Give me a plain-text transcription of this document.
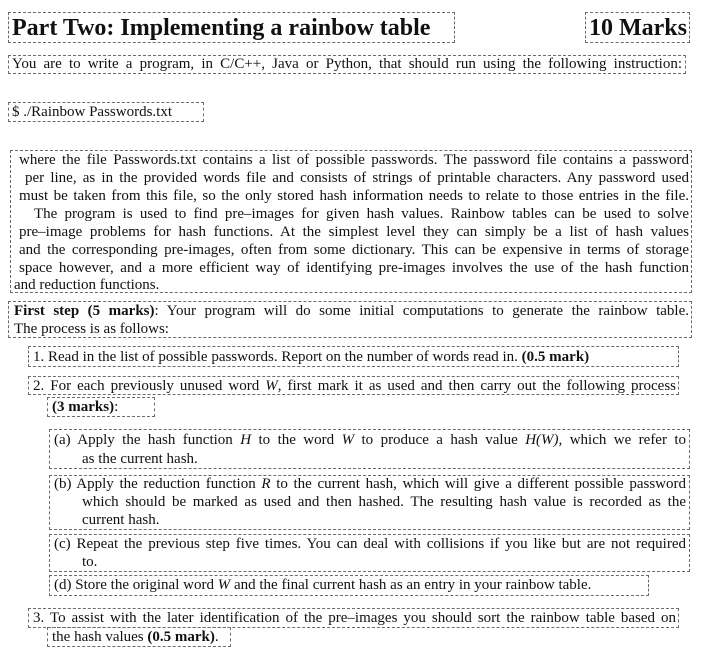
Part Two: Implementing a rainbow table	10 Marks
You are to write a program, in C/C++, Java or Python, that should run using the following instruction:
$ ./Rainbow Passwords.txt
where the file Passwords.txt contains a list of possible passwords. The password file contains a password
per line, as in the provided words file and consists of strings of printable characters. Any password used
must be taken from this file, so the only stored hash information needs to relate to those entries in the file.
The program is used to find pre–images for given hash values. Rainbow tables can be used to solve
pre–image problems for hash functions. At the simplest level they can simply be a list of hash values
and the corresponding pre-images, often from some dictionary. This can be expensive in terms of storage
space however, and a more efficient way of identifying pre-images involves the use of the hash function
and reduction functions.
First step (5 marks): Your program will do some initial computations to generate the rainbow table.
The process is as follows:
1. Read in the list of possible passwords. Report on the number of words read in. (0.5 mark)
2. For each previously unused word W, first mark it as used and then carry out the following process
(3 marks):
(a) Apply the hash function H to the word W to produce a hash value H(W), which we refer to
as the current hash.
(b) Apply the reduction function R to the current hash, which will give a different possible password
which should be marked as used and then hashed. The resulting hash value is recorded as the
current hash.
(c) Repeat the previous step five times. You can deal with collisions if you like but are not required
to.
(d) Store the original word W and the final current hash as an entry in your rainbow table.
3. To assist with the later identification of the pre–images you should sort the rainbow table based on
the hash values (0.5 mark).
